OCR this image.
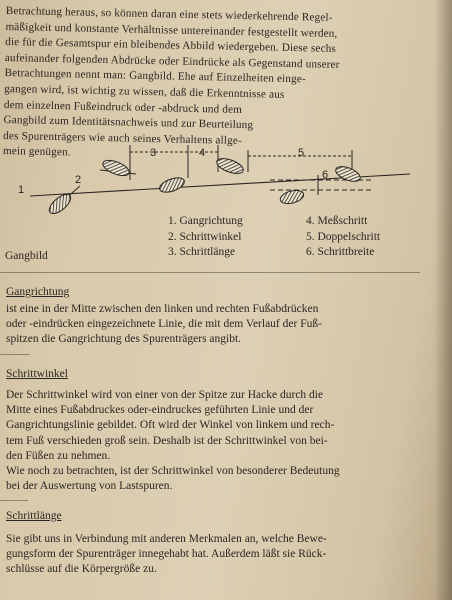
Betrachtung heraus, so können daran eine stets wiederkehrende Regel-

mäßigkeit und konstante Verhältnisse untereinander festgestellt werden,

die für die Gesamtspur ein bleibendes Abbild wiedergeben. Diese sechs

aufeinander folgenden Abdrücke oder Eindrücke als Gegenstand unserer

Betrachtungen nennt man: Gangbild. Ehe auf Einzelheiten einge-

gangen wird, ist wichtig zu wissen, daß die Erkenntnisse aus

dem einzelnen Fußeindruck oder -abdruck und dem

Gangbild zum Identitätsnachweis und zur Beurteilung

des Spurenträgers wie auch seines Verhaltens allge-

mein genügen.

1
2
3	4	5
6
1. Gangrichtung
2. Schrittwinkel
3. Schrittlänge
4. Meßschritt
5. Doppelschritt
6. Schrittbreite
Gangbild
Gangrichtung

ist eine in der Mitte zwischen den linken und rechten Fußabdrücken

oder -eindrücken eingezeichnete Linie, die mit dem Verlauf der Fuß-

spitzen die Gangrichtung des Spurenträgers angibt.

Schrittwinkel

Der Schrittwinkel wird von einer von der Spitze zur Hacke durch die

Mitte eines Fußabdruckes oder-eindruckes geführten Linie und der

Gangrichtungslinie gebildet. Oft wird der Winkel von linkem und rech-

tem Fuß verschieden groß sein. Deshalb ist der Schrittwinkel von bei-

den Füßen zu nehmen.

Wie noch zu betrachten, ist der Schrittwinkel von besonderer Bedeutung

bei der Auswertung von Lastspuren.

Schrittlänge

Sie gibt uns in Verbindung mit anderen Merkmalen an, welche Bewe-

gungsform der Spurenträger innegehabt hat. Außerdem läßt sie Rück-

schlüsse auf die Körpergröße zu.
